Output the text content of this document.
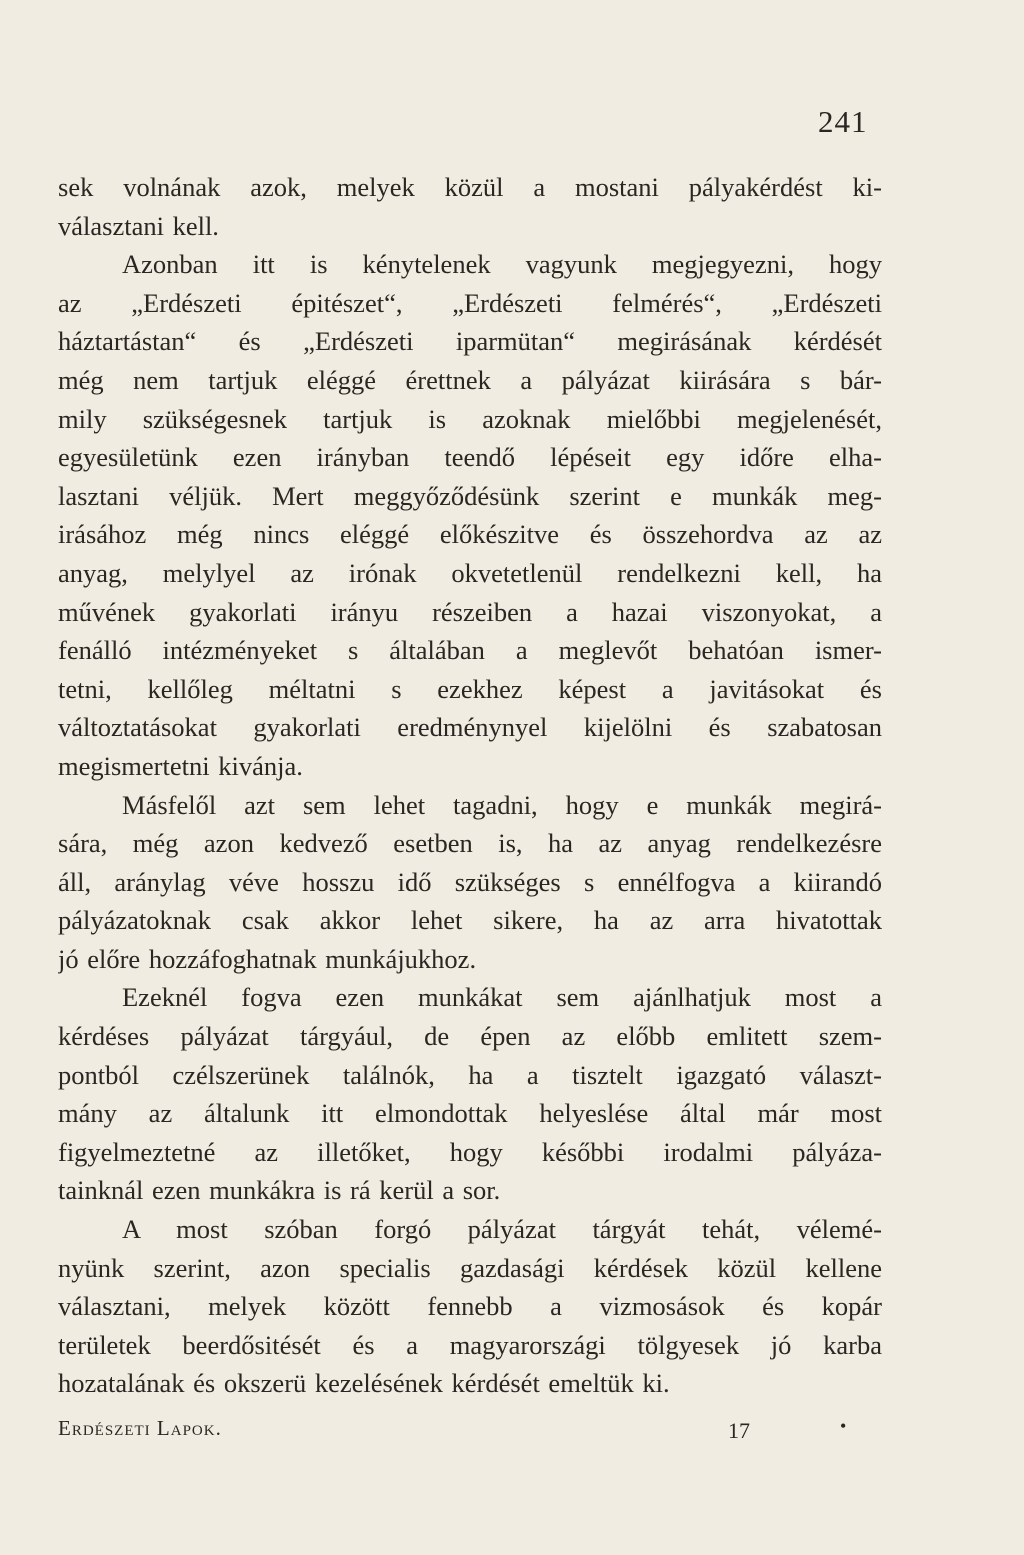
241
sek volnának azok, melyek közül a mostani pályakérdést ki-
választani kell.
Azonban itt is kénytelenek vagyunk megjegyezni, hogy
az „Erdészeti épitészet“, „Erdészeti felmérés“, „Erdészeti
háztartástan“ és „Erdészeti iparmütan“ megirásának kérdését
még nem tartjuk eléggé érettnek a pályázat kiirására s bár-
mily szükségesnek tartjuk is azoknak mielőbbi megjelenését,
egyesületünk ezen irányban teendő lépéseit egy időre elha-
lasztani véljük. Mert meggyőződésünk szerint e munkák meg-
irásához még nincs eléggé előkészitve és összehordva az az
anyag, melylyel az irónak okvetetlenül rendelkezni kell, ha
művének gyakorlati irányu részeiben a hazai viszonyokat, a
fenálló intézményeket s általában a meglevőt behatóan ismer-
tetni, kellőleg méltatni s ezekhez képest a javitásokat és
változtatásokat gyakorlati eredménynyel kijelölni és szabatosan
megismertetni kivánja.
Másfelől azt sem lehet tagadni, hogy e munkák megirá-
sára, még azon kedvező esetben is, ha az anyag rendelkezésre
áll, aránylag véve hosszu idő szükséges s ennélfogva a kiirandó
pályázatoknak csak akkor lehet sikere, ha az arra hivatottak
jó előre hozzáfoghatnak munkájukhoz.
Ezeknél fogva ezen munkákat sem ajánlhatjuk most a
kérdéses pályázat tárgyául, de épen az előbb emlitett szem-
pontból czélszerünek találnók, ha a tisztelt igazgató választ-
mány az általunk itt elmondottak helyeslése által már most
figyelmeztetné az illetőket, hogy későbbi irodalmi pályáza-
tainknál ezen munkákra is rá kerül a sor.
A most szóban forgó pályázat tárgyát tehát, vélemé-
nyünk szerint, azon specialis gazdasági kérdések közül kellene
választani, melyek között fennebb a vizmosások és kopár
területek beerdősitését és a magyarországi tölgyesek jó karba
hozatalának és okszerü kezelésének kérdését emeltük ki.
Erdészeti Lapok.	17	•
